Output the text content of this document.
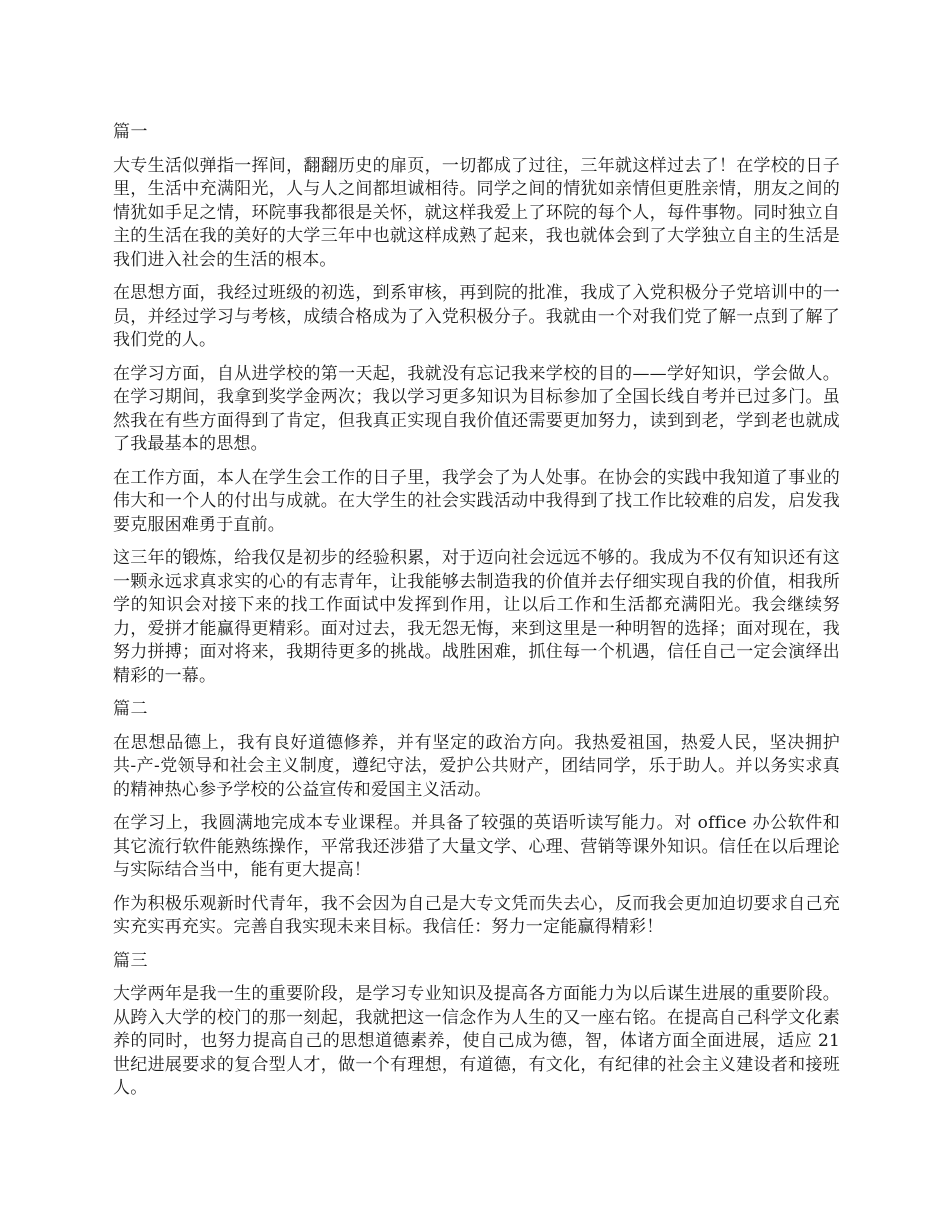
篇一

大专生活似弹指一挥间，翻翻历史的扉页，一切都成了过往，三年就这样过去了！在学校的日子里，生活中充满阳光，人与人之间都坦诚相待。同学之间的情犹如亲情但更胜亲情，朋友之间的情犹如手足之情，环院事我都很是关怀，就这样我爱上了环院的每个人，每件事物。同时独立自主的生活在我的美好的大学三年中也就这样成熟了起来，我也就体会到了大学独立自主的生活是我们进入社会的生活的根本。

在思想方面，我经过班级的初选，到系审核，再到院的批准，我成了入党积极分子党培训中的一员，并经过学习与考核，成绩合格成为了入党积极分子。我就由一个对我们党了解一点到了解了我们党的人。

在学习方面，自从进学校的第一天起，我就没有忘记我来学校的目的——学好知识，学会做人。在学习期间，我拿到奖学金两次；我以学习更多知识为目标参加了全国长线自考并已过多门。虽然我在有些方面得到了肯定，但我真正实现自我价值还需要更加努力，读到到老，学到老也就成了我最基本的思想。

在工作方面，本人在学生会工作的日子里，我学会了为人处事。在协会的实践中我知道了事业的伟大和一个人的付出与成就。在大学生的社会实践活动中我得到了找工作比较难的启发，启发我要克服困难勇于直前。

这三年的锻炼，给我仅是初步的经验积累，对于迈向社会远远不够的。我成为不仅有知识还有这一颗永远求真求实的心的有志青年，让我能够去制造我的价值并去仔细实现自我的价值，相我所学的知识会对接下来的找工作面试中发挥到作用，让以后工作和生活都充满阳光。我会继续努力，爱拼才能赢得更精彩。面对过去，我无怨无悔，来到这里是一种明智的选择；面对现在，我努力拼搏；面对将来，我期待更多的挑战。战胜困难，抓住每一个机遇，信任自己一定会演绎出精彩的一幕。

篇二

在思想品德上，我有良好道德修养，并有坚定的政治方向。我热爱祖国，热爱人民，坚决拥护共-产-党领导和社会主义制度，遵纪守法，爱护公共财产，团结同学，乐于助人。并以务实求真的精神热心参予学校的公益宣传和爱国主义活动。

在学习上，我圆满地完成本专业课程。并具备了较强的英语听读写能力。对 office 办公软件和其它流行软件能熟练操作，平常我还涉猎了大量文学、心理、营销等课外知识。信任在以后理论与实际结合当中，能有更大提高！

作为积极乐观新时代青年，我不会因为自己是大专文凭而失去心，反而我会更加迫切要求自己充实充实再充实。完善自我实现未来目标。我信任：努力一定能赢得精彩！

篇三

大学两年是我一生的重要阶段，是学习专业知识及提高各方面能力为以后谋生进展的重要阶段。从跨入大学的校门的那一刻起，我就把这一信念作为人生的又一座右铭。在提高自己科学文化素养的同时，也努力提高自己的思想道德素养，使自己成为德，智，体诸方面全面进展，适应 21 世纪进展要求的复合型人才，做一个有理想，有道德，有文化，有纪律的社会主义建设者和接班人。
